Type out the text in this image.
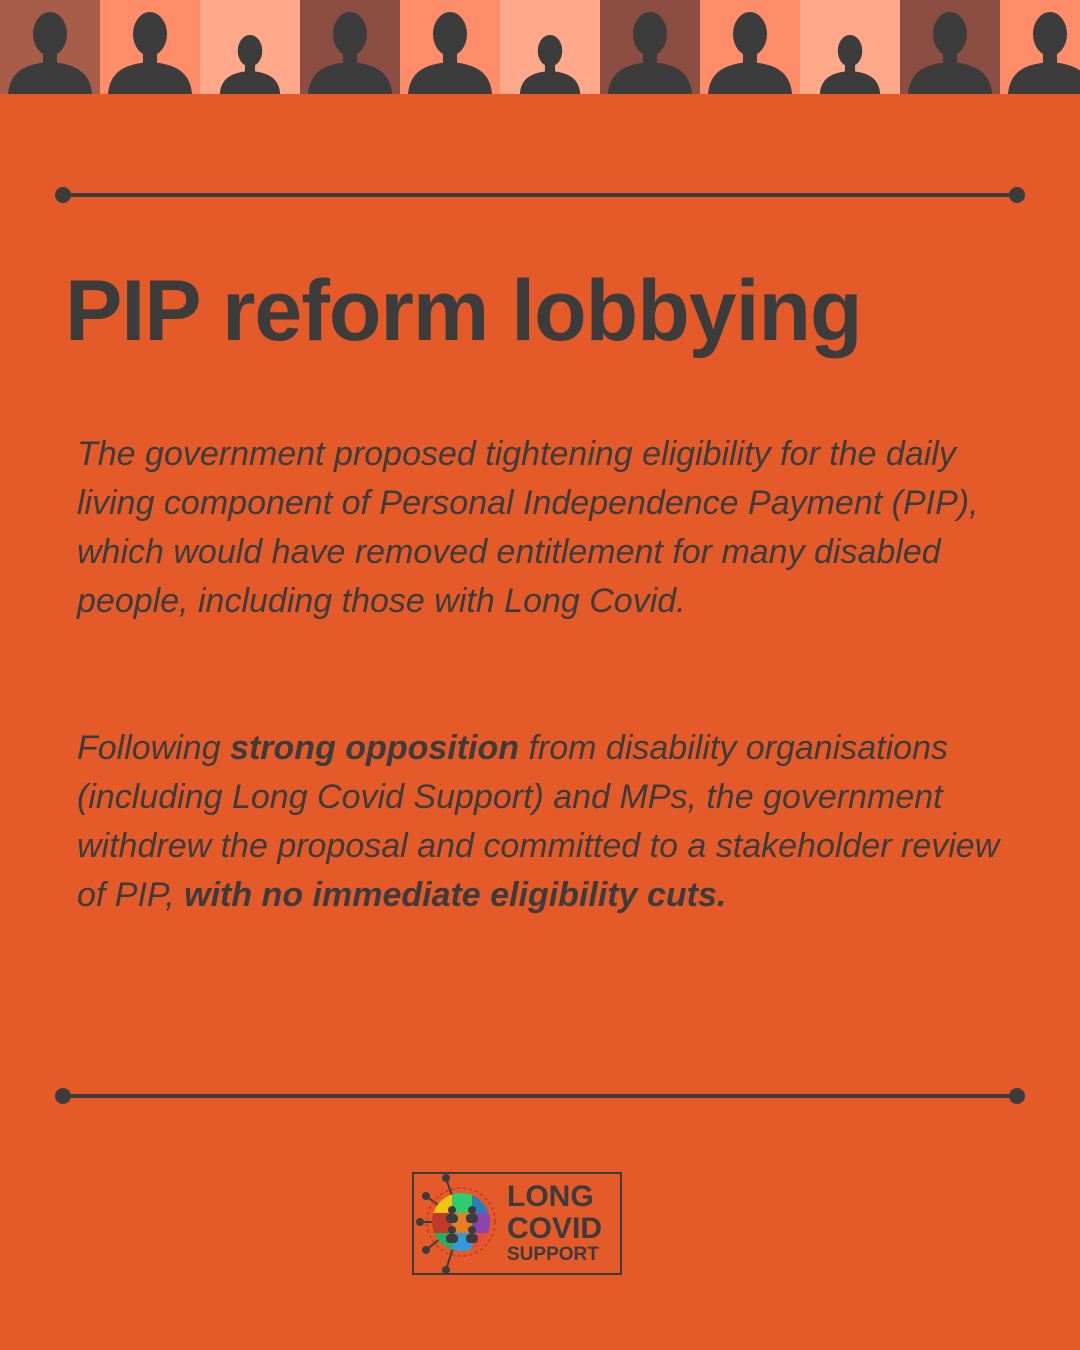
PIP reform lobbying

The government proposed tightening eligibility for the daily living component of Personal Independence Payment (PIP), which would have removed entitlement for many disabled people, including those with Long Covid.

Following strong opposition from disability organisations (including Long Covid Support) and MPs, the government withdrew the proposal and committed to a stakeholder review of PIP, with no immediate eligibility cuts.

LONG

COVID

SUPPORT
